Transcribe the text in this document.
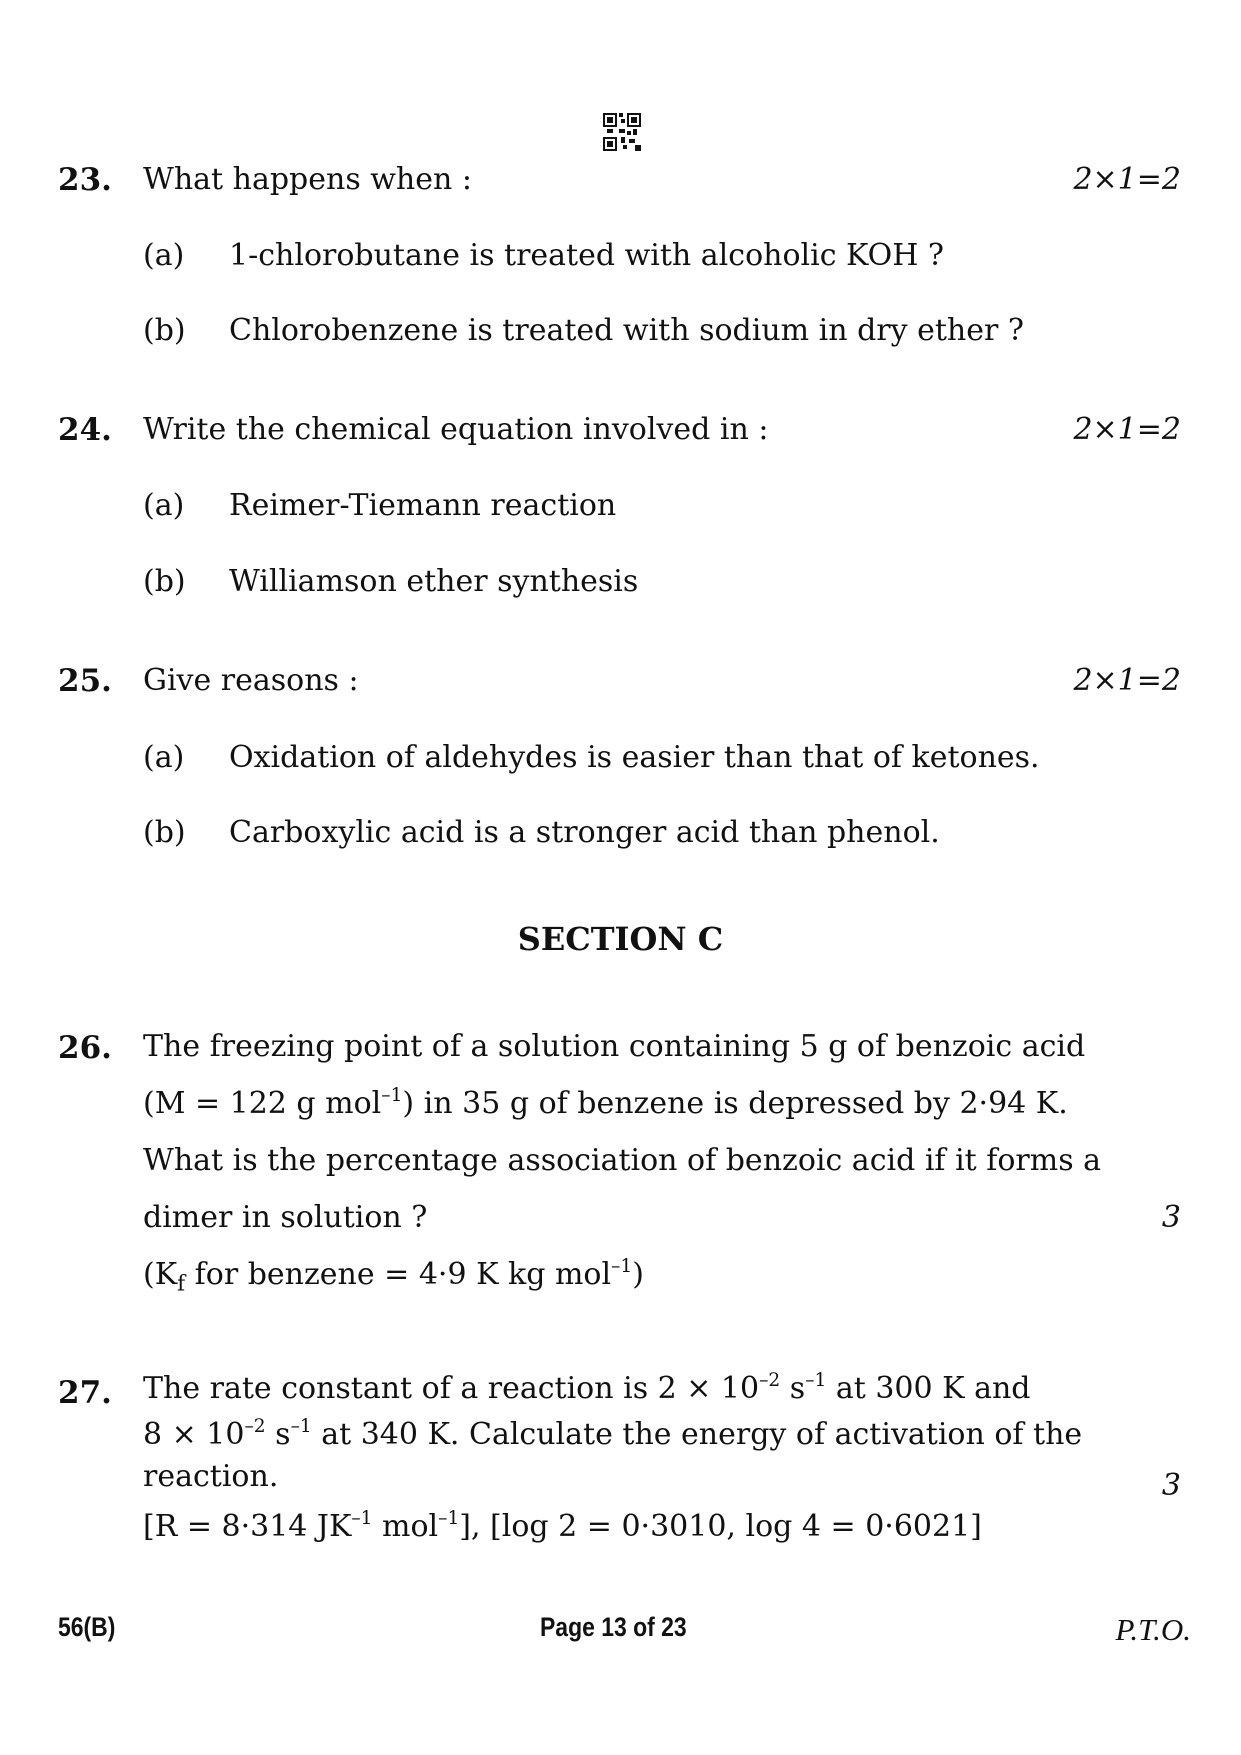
23. What happens when :	2×1=2
(a) 1-chlorobutane is treated with alcoholic KOH ?
(b) Chlorobenzene is treated with sodium in dry ether ?
24. Write the chemical equation involved in :	2×1=2
(a) Reimer-Tiemann reaction
(b) Williamson ether synthesis
25. Give reasons :	2×1=2
(a) Oxidation of aldehydes is easier than that of ketones.
(b) Carboxylic acid is a stronger acid than phenol.
SECTION C
26. The freezing point of a solution containing 5 g of benzoic acid
(M = 122 g mol$^{-1}$) in 35 g of benzene is depressed by 2·94 K.
What is the percentage association of benzoic acid if it forms a
dimer in solution ?
($K_f$ for benzene = 4·9 K kg mol$^{-1}$)
3
27. The rate constant of a reaction is $2 \times 10^{-2}$ $s^{-1}$ at 300 K and
$8 \times 10^{-2}$ $s^{-1}$ at 340 K. Calculate the energy of activation of the
reaction.
[R = 8·314 $JK^{-1}$ mol$^{-1}$], [log 2 = 0·3010, log 4 = 0·6021]
3
56(B)	Page 13 of 23	P.T.O.
